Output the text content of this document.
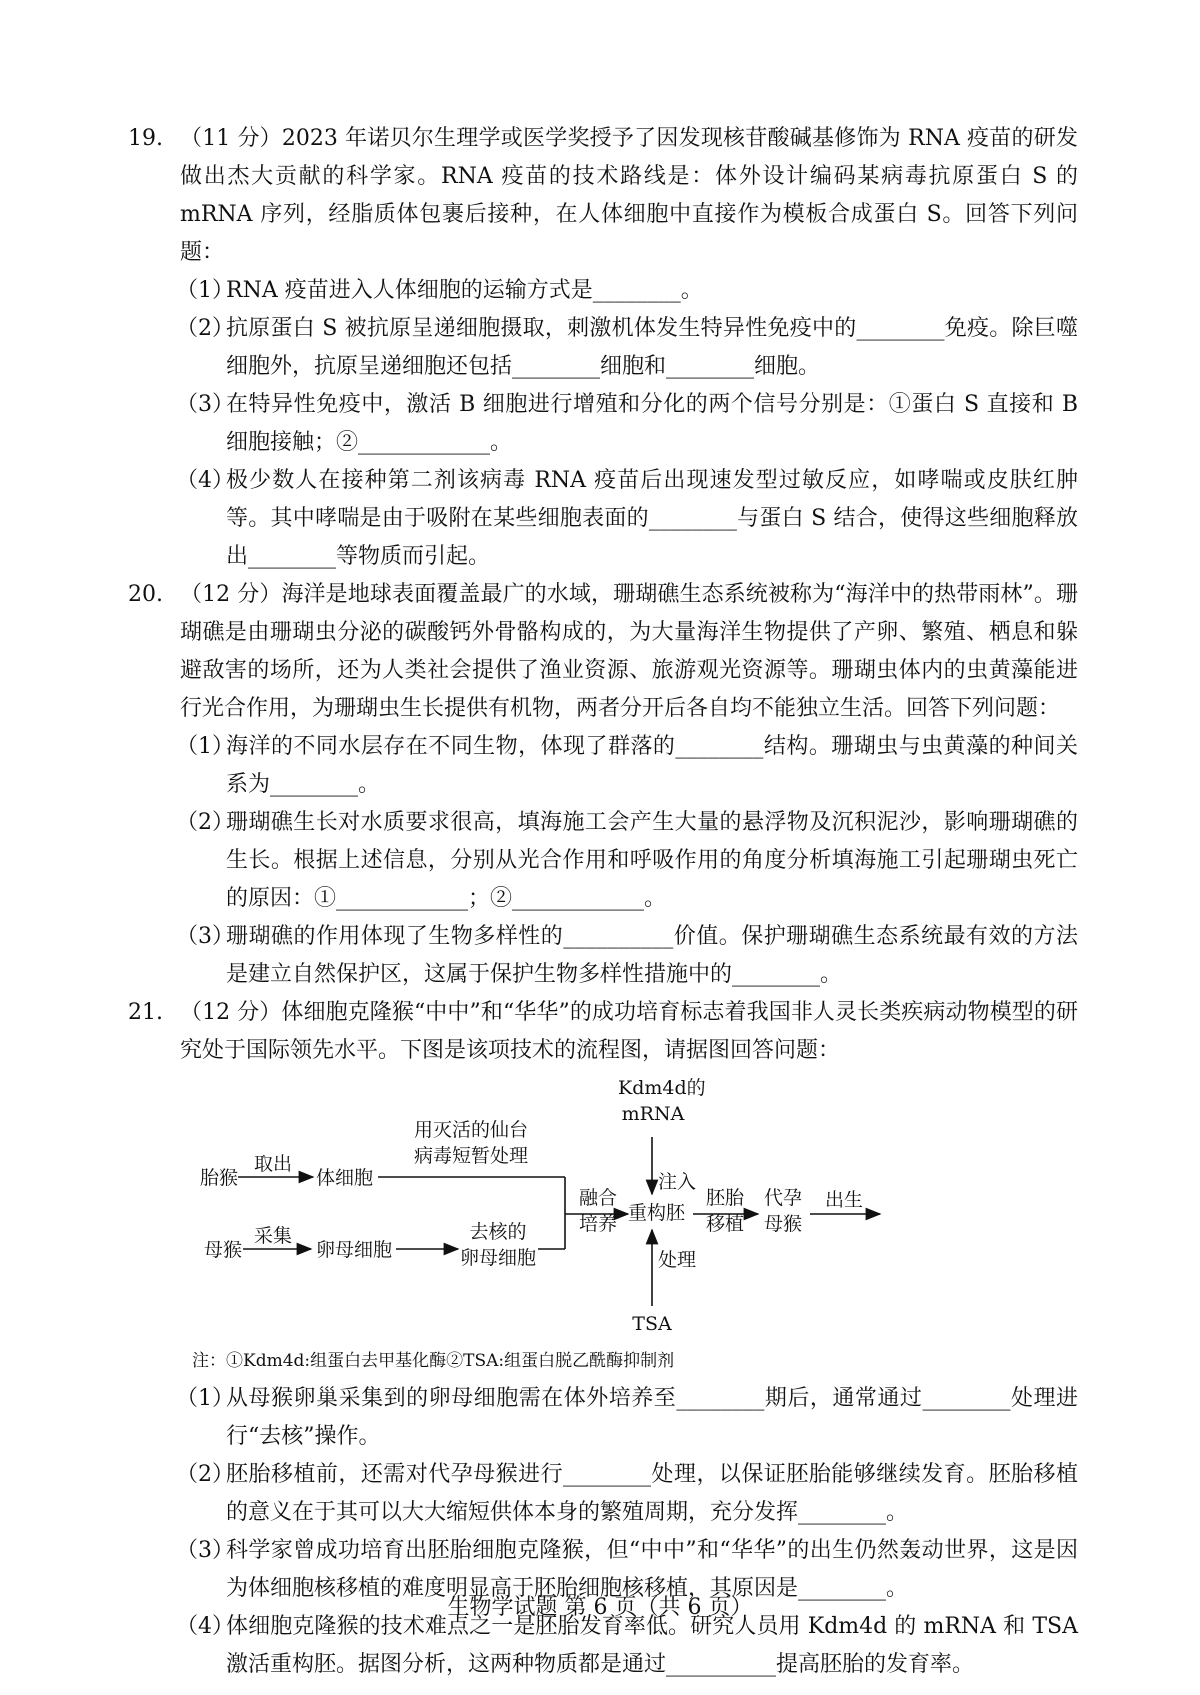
19. （11 分）2023 年诺贝尔生理学或医学奖授予了因发现核苷酸碱基修饰为 RNA 疫苗的研发做出杰大贡献的科学家。RNA 疫苗的技术路线是：体外设计编码某病毒抗原蛋白 S 的 mRNA 序列，经脂质体包裹后接种，在人体细胞中直接作为模板合成蛋白 S。回答下列问题：
（1）
RNA 疫苗进入人体细胞的运输方式是________。
（2）
抗原蛋白 S 被抗原呈递细胞摄取，刺激机体发生特异性免疫中的________免疫。除巨噬细胞外，抗原呈递细胞还包括________细胞和________细胞。
（3）
在特异性免疫中，激活 B 细胞进行增殖和分化的两个信号分别是：①蛋白 S 直接和 B 细胞接触；②____________。
（4）
极少数人在接种第二剂该病毒 RNA 疫苗后出现速发型过敏反应，如哮喘或皮肤红肿等。其中哮喘是由于吸附在某些细胞表面的________与蛋白 S 结合，使得这些细胞释放出________等物质而引起。
20. （12 分）海洋是地球表面覆盖最广的水域，珊瑚礁生态系统被称为“海洋中的热带雨林”。珊瑚礁是由珊瑚虫分泌的碳酸钙外骨骼构成的，为大量海洋生物提供了产卵、繁殖、栖息和躲避敌害的场所，还为人类社会提供了渔业资源、旅游观光资源等。珊瑚虫体内的虫黄藻能进行光合作用，为珊瑚虫生长提供有机物，两者分开后各自均不能独立生活。回答下列问题：
（1）
海洋的不同水层存在不同生物，体现了群落的________结构。珊瑚虫与虫黄藻的种间关系为________。
（2）
珊瑚礁生长对水质要求很高，填海施工会产生大量的悬浮物及沉积泥沙，影响珊瑚礁的生长。根据上述信息，分别从光合作用和呼吸作用的角度分析填海施工引起珊瑚虫死亡的原因：①____________；②____________。
（3）
珊瑚礁的作用体现了生物多样性的__________价值。保护珊瑚礁生态系统最有效的方法是建立自然保护区，这属于保护生物多样性措施中的________。
21. （12 分）体细胞克隆猴“中中”和“华华”的成功培育标志着我国非人灵长类疾病动物模型的研究处于国际领先水平。下图是该项技术的流程图，请据图回答问题：
Kdm4d的
mRNA
用灭活的仙台
病毒短暂处理
胎猴
取出
体细胞	注入
融合
培养 重构胚
胚胎
移植
代孕
母猴
出生
去核的
卵母细胞
母猴
采集
卵母细胞	处理
TSA
注：①Kdm4d:组蛋白去甲基化酶②TSA:组蛋白脱乙酰酶抑制剂
（1）
从母猴卵巢采集到的卵母细胞需在体外培养至________期后，通常通过________处理进行“去核”操作。
（2）
胚胎移植前，还需对代孕母猴进行________处理，以保证胚胎能够继续发育。胚胎移植的意义在于其可以大大缩短供体本身的繁殖周期，充分发挥________。
（3）
科学家曾成功培育出胚胎细胞克隆猴，但“中中”和“华华”的出生仍然轰动世界，这是因为体细胞核移植的难度明显高于胚胎细胞核移植，其原因是________。
（4）
体细胞克隆猴的技术难点之一是胚胎发育率低。研究人员用 Kdm4d 的 mRNA 和 TSA 激活重构胚。据图分析，这两种物质都是通过__________提高胚胎的发育率。
生物学试题 第 6 页（共 6 页）
